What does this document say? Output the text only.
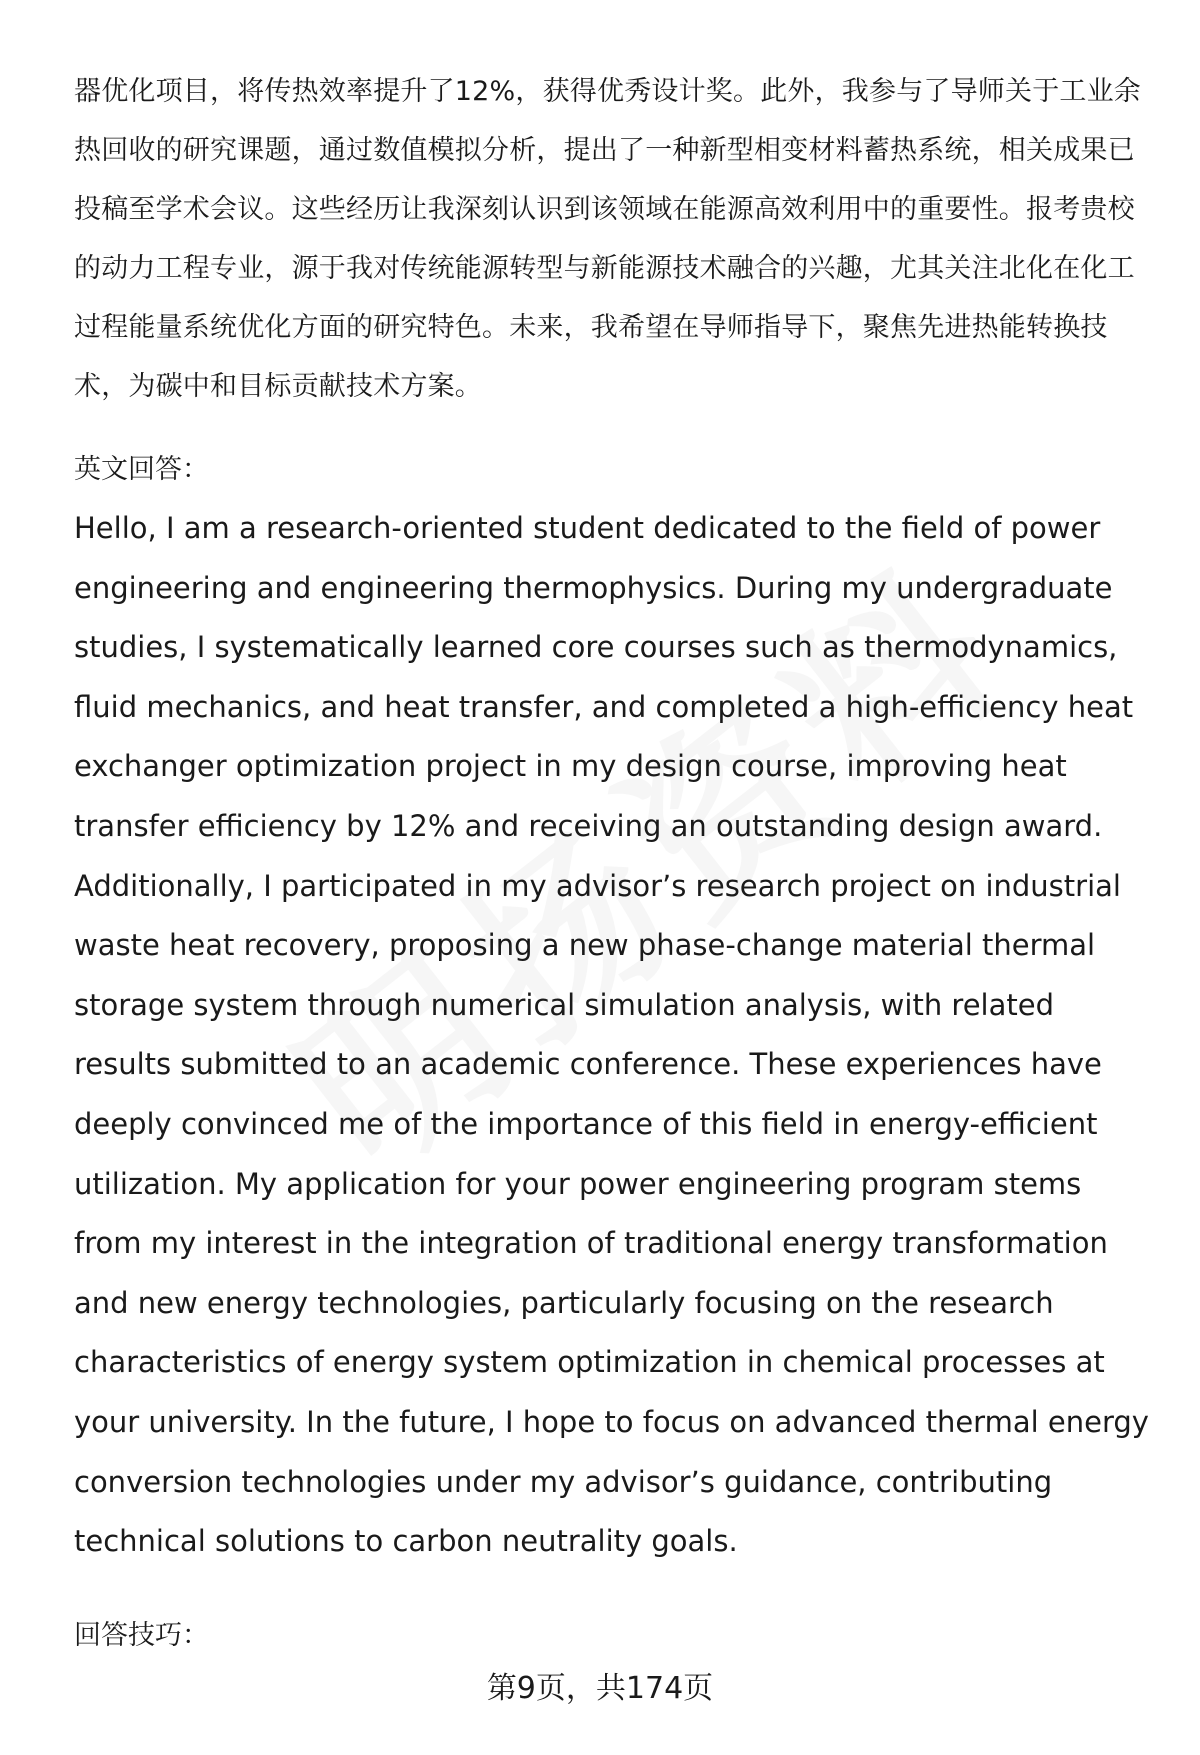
器优化项目，将传热效率提升了12%，获得优秀设计奖。此外，我参与了导师关于工业余热回收的研究课题，通过数值模拟分析，提出了一种新型相变材料蓄热系统，相关成果已投稿至学术会议。这些经历让我深刻认识到该领域在能源高效利用中的重要性。报考贵校的动力工程专业，源于我对传统能源转型与新能源技术融合的兴趣，尤其关注北化在化工过程能量系统优化方面的研究特色。未来，我希望在导师指导下，聚焦先进热能转换技术，为碳中和目标贡献技术方案。

英文回答：

Hello, I am a research-oriented student dedicated to the field of power engineering and engineering thermophysics. During my undergraduate studies, I systematically learned core courses such as thermodynamics, fluid mechanics, and heat transfer, and completed a high-efficiency heat exchanger optimization project in my design course, improving heat transfer efficiency by 12% and receiving an outstanding design award. Additionally, I participated in my advisor’s research project on industrial waste heat recovery, proposing a new phase-change material thermal storage system through numerical simulation analysis, with related results submitted to an academic conference. These experiences have deeply convinced me of the importance of this field in energy-efficient utilization. My application for your power engineering program stems from my interest in the integration of traditional energy transformation and new energy technologies, particularly focusing on the research characteristics of energy system optimization in chemical processes at your university. In the future, I hope to focus on advanced thermal energy conversion technologies under my advisor’s guidance, contributing technical solutions to carbon neutrality goals.

回答技巧：

第9页，共174页
